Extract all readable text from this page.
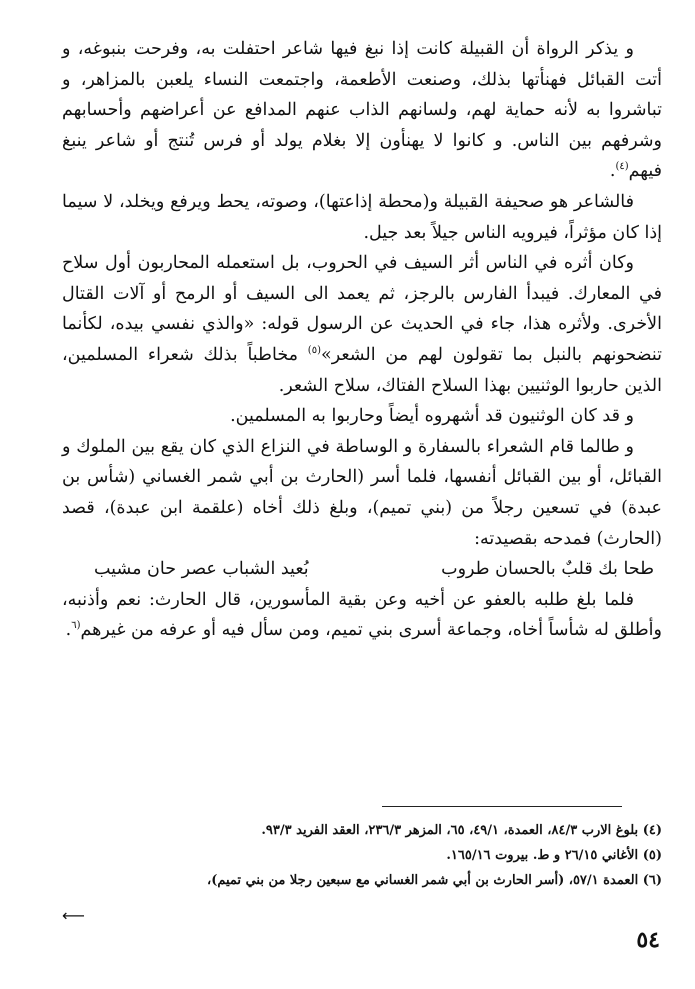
و يذكر الرواة أن القبيلة كانت إذا نبغ فيها شاعر احتفلت به، وفرحت بنبوغه، و أتت القبائل فهنأتها بذلك، وصنعت الأطعمة، واجتمعت النساء يلعبن بالمزاهر، و تباشروا به لأنه حماية لهم، ولسانهم الذاب عنهم المدافع عن أعراضهم وأحسابهم وشرفهم بين الناس. و كانوا لا يهنأون إلا بغلام يولد أو فرس تُنتج أو شاعر ينبغ فيهم$^{(٤)}$.

فالشاعر هو صحيفة القبيلة و(محطة إذاعتها)، وصوته، يحط ويرفع ويخلد، لا سيما إذا كان مؤثراً، فيرويه الناس جيلاً بعد جيل.

وكان أثره في الناس أثر السيف في الحروب، بل استعمله المحاربون أول سلاح في المعارك. فيبدأ الفارس بالرجز، ثم يعمد الى السيف أو الرمح أو آلات القتال الأخرى. ولأثره هذا، جاء في الحديث عن الرسول قوله: «والذي نفسي بيده، لكأنما تنضحونهم بالنبل بما تقولون لهم من الشعر»$^{(٥)}$ مخاطباً بذلك شعراء المسلمين، الذين حاربوا الوثنيين بهذا السلاح الفتاك، سلاح الشعر.

و قد كان الوثنيون قد أشهروه أيضاً وحاربوا به المسلمين.

و طالما قام الشعراء بالسفارة و الوساطة في النزاع الذي كان يقع بين الملوك و القبائل، أو بين القبائل أنفسها، فلما أسر (الحارث بن أبي شمر الغساني (شأس بن عبدة) في تسعين رجلاً من (بني تميم)، وبلغ ذلك أخاه (علقمة ابن عبدة)، قصد (الحارث) فمدحه بقصيدته:

طحا بك قلبٌ بالحسان طروب
بُعيد الشباب عصر حان مشيب

فلما بلغ طلبه بالعفو عن أخيه وعن بقية المأسورين، قال الحارث: نعم وأذنبه، وأطلق له شأساً أخاه، وجماعة أسرى بني تميم، ومن سأل فيه أو عرفه من غيرهم$^{(٦}$.

(٤) بلوغ الارب ٨٤/٣، العمدة، ٤٩/١، ٦٥، المزهر ٢٣٦/٣، العقد الفريد ٩٣/٣.

(٥) الأغاني ٢٦/١٥ و ط. بيروت ١٦٥/١٦.

(٦) العمدة ٥٧/١، (أسر الحارث بن أبي شمر الغساني مع سبعين رجلا من بني تميم)،

⟵
٥٤
